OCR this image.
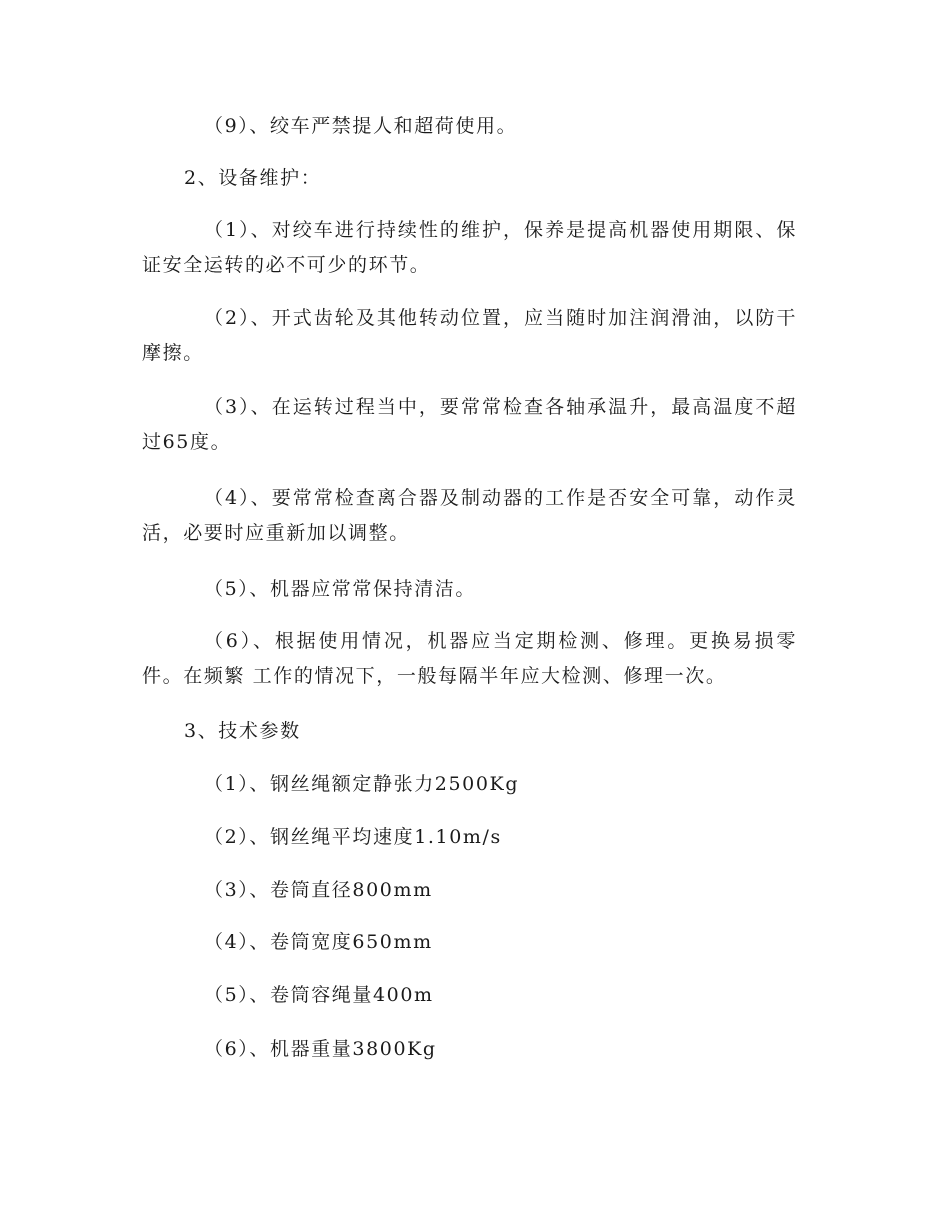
（9）、绞车严禁提人和超荷使用。

2、设备维护：

（1）、对绞车进行持续性的维护，保养是提高机器使用期限、保 证安全运转的必不可少的环节。

（2）、开式齿轮及其他转动位置，应当随时加注润滑油，以防干摩擦。

（3）、在运转过程当中，要常常检查各轴承温升，最高温度不超过65度。

（4）、要常常检查离合器及制动器的工作是否安全可靠，动作灵 活，必要时应重新加以调整。

（5）、机器应常常保持清洁。

（6）、根据使用情况，机器应当定期检测、修理。更换易损零件。在频繁 工作的情况下，一般每隔半年应大检测、修理一次。

3、技术参数

（1）、钢丝绳额定静张力2500Kg

（2）、钢丝绳平均速度1.10m/s

（3）、卷筒直径800mm

（4）、卷筒宽度650mm

（5）、卷筒容绳量400m

（6）、机器重量3800Kg
